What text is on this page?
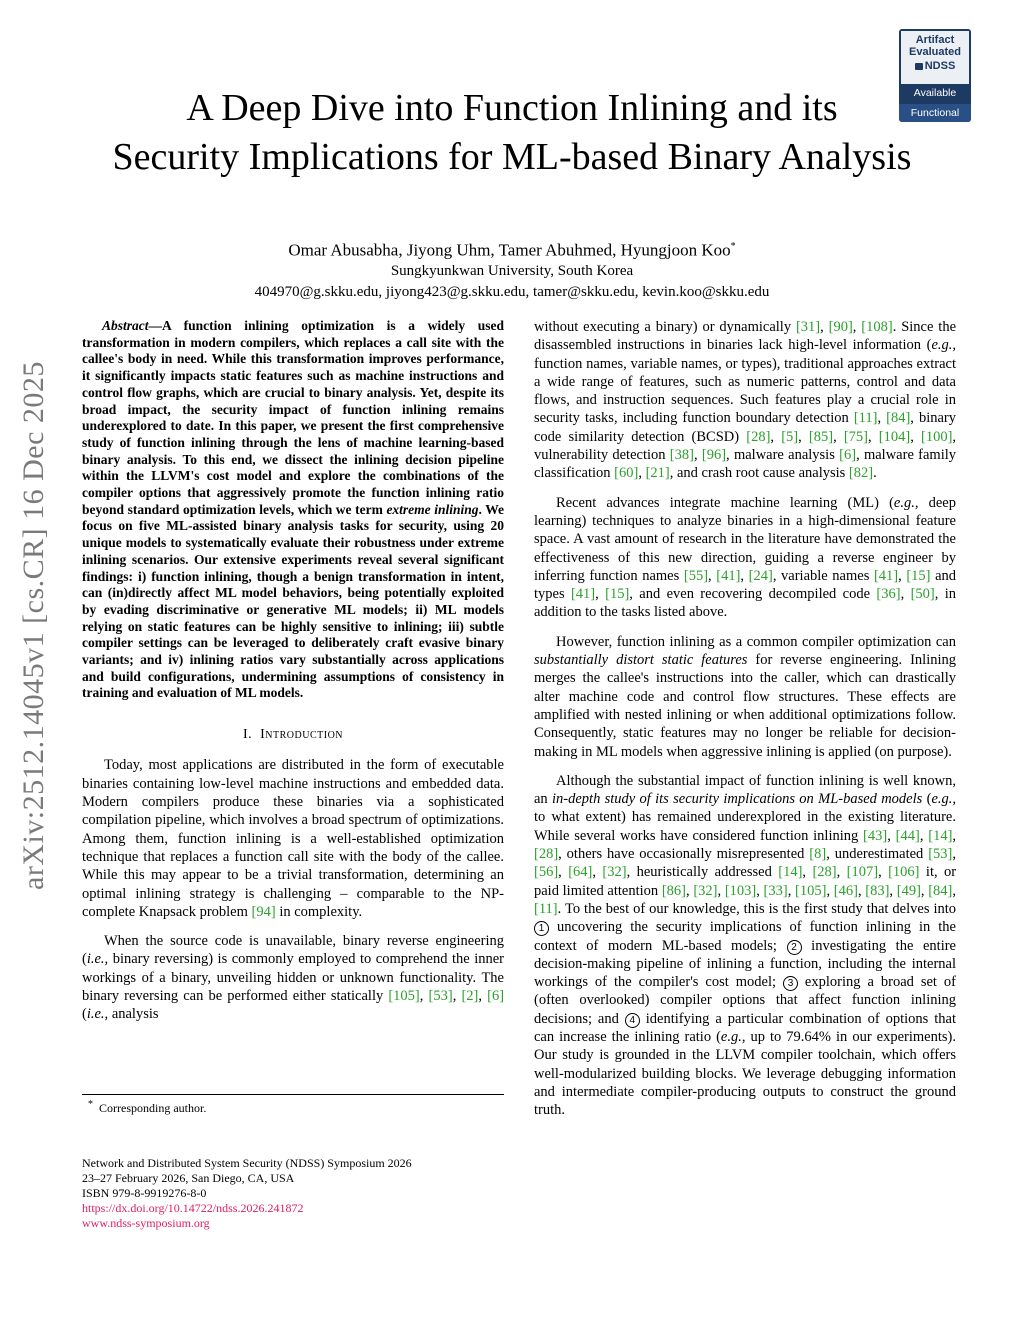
arXiv:2512.14045v1 [cs.CR] 16 Dec 2025
Artifact
Evaluated
NDSS
Available
Functional
A Deep Dive into Function Inlining and its
Security Implications for ML-based Binary Analysis
Omar Abusabha, Jiyong Uhm, Tamer Abuhmed, Hyungjoon Koo*
Sungkyunkwan University, South Korea
404970@g.skku.edu, jiyong423@g.skku.edu, tamer@skku.edu, kevin.koo@skku.edu

Abstract—A function inlining optimization is a widely used transformation in modern compilers, which replaces a call site with the callee's body in need. While this transformation improves performance, it significantly impacts static features such as machine instructions and control flow graphs, which are crucial to binary analysis. Yet, despite its broad impact, the security impact of function inlining remains underexplored to date. In this paper, we present the first comprehensive study of function inlining through the lens of machine learning-based binary analysis. To this end, we dissect the inlining decision pipeline within the LLVM's cost model and explore the combinations of the compiler options that aggressively promote the function inlining ratio beyond standard optimization levels, which we term extreme inlining. We focus on five ML-assisted binary analysis tasks for security, using 20 unique models to systematically evaluate their robustness under extreme inlining scenarios. Our extensive experiments reveal several significant findings: i) function inlining, though a benign transformation in intent, can (in)directly affect ML model behaviors, being potentially exploited by evading discriminative or generative ML models; ii) ML models relying on static features can be highly sensitive to inlining; iii) subtle compiler settings can be leveraged to deliberately craft evasive binary variants; and iv) inlining ratios vary substantially across applications and build configurations, undermining assumptions of consistency in training and evaluation of ML models.

I. Introduction

Today, most applications are distributed in the form of executable binaries containing low-level machine instructions and embedded data. Modern compilers produce these binaries via a sophisticated compilation pipeline, which involves a broad spectrum of optimizations. Among them, function inlining is a well-established optimization technique that replaces a function call site with the body of the callee. While this may appear to be a trivial transformation, determining an optimal inlining strategy is challenging – comparable to the NP-complete Knapsack problem [94] in complexity.

When the source code is unavailable, binary reverse engineering (i.e., binary reversing) is commonly employed to comprehend the inner workings of a binary, unveiling hidden or unknown functionality. The binary reversing can be performed either statically [105], [53], [2], [6] (i.e., analysis

* Corresponding author.
Network and Distributed System Security (NDSS) Symposium 2026
23–27 February 2026, San Diego, CA, USA
ISBN 979-8-9919276-8-0
https://dx.doi.org/10.14722/ndss.2026.241872
www.ndss-symposium.org

without executing a binary) or dynamically [31], [90], [108]. Since the disassembled instructions in binaries lack high-level information (e.g., function names, variable names, or types), traditional approaches extract a wide range of features, such as numeric patterns, control and data flows, and instruction sequences. Such features play a crucial role in security tasks, including function boundary detection [11], [84], binary code similarity detection (BCSD) [28], [5], [85], [75], [104], [100], vulnerability detection [38], [96], malware analysis [6], malware family classification [60], [21], and crash root cause analysis [82].

Recent advances integrate machine learning (ML) (e.g., deep learning) techniques to analyze binaries in a high-dimensional feature space. A vast amount of research in the literature have demonstrated the effectiveness of this new direction, guiding a reverse engineer by inferring function names [55], [41], [24], variable names [41], [15] and types [41], [15], and even recovering decompiled code [36], [50], in addition to the tasks listed above.

However, function inlining as a common compiler optimization can substantially distort static features for reverse engineering. Inlining merges the callee's instructions into the caller, which can drastically alter machine code and control flow structures. These effects are amplified with nested inlining or when additional optimizations follow. Consequently, static features may no longer be reliable for decision-making in ML models when aggressive inlining is applied (on purpose).

Although the substantial impact of function inlining is well known, an in-depth study of its security implications on ML-based models (e.g., to what extent) has remained underexplored in the existing literature. While several works have considered function inlining [43], [44], [14], [28], others have occasionally misrepresented [8], underestimated [53], [56], [64], [32], heuristically addressed [14], [28], [107], [106] it, or paid limited attention [86], [32], [103], [33], [105], [46], [83], [49], [84], [11]. To the best of our knowledge, this is the first study that delves into 1 uncovering the security implications of function inlining in the context of modern ML-based models; 2 investigating the entire decision-making pipeline of inlining a function, including the internal workings of the compiler's cost model; 3 exploring a broad set of (often overlooked) compiler options that affect function inlining decisions; and 4 identifying a particular combination of options that can increase the inlining ratio (e.g., up to 79.64% in our experiments). Our study is grounded in the LLVM compiler toolchain, which offers well-modularized building blocks. We leverage debugging information and intermediate compiler-producing outputs to construct the ground truth.
